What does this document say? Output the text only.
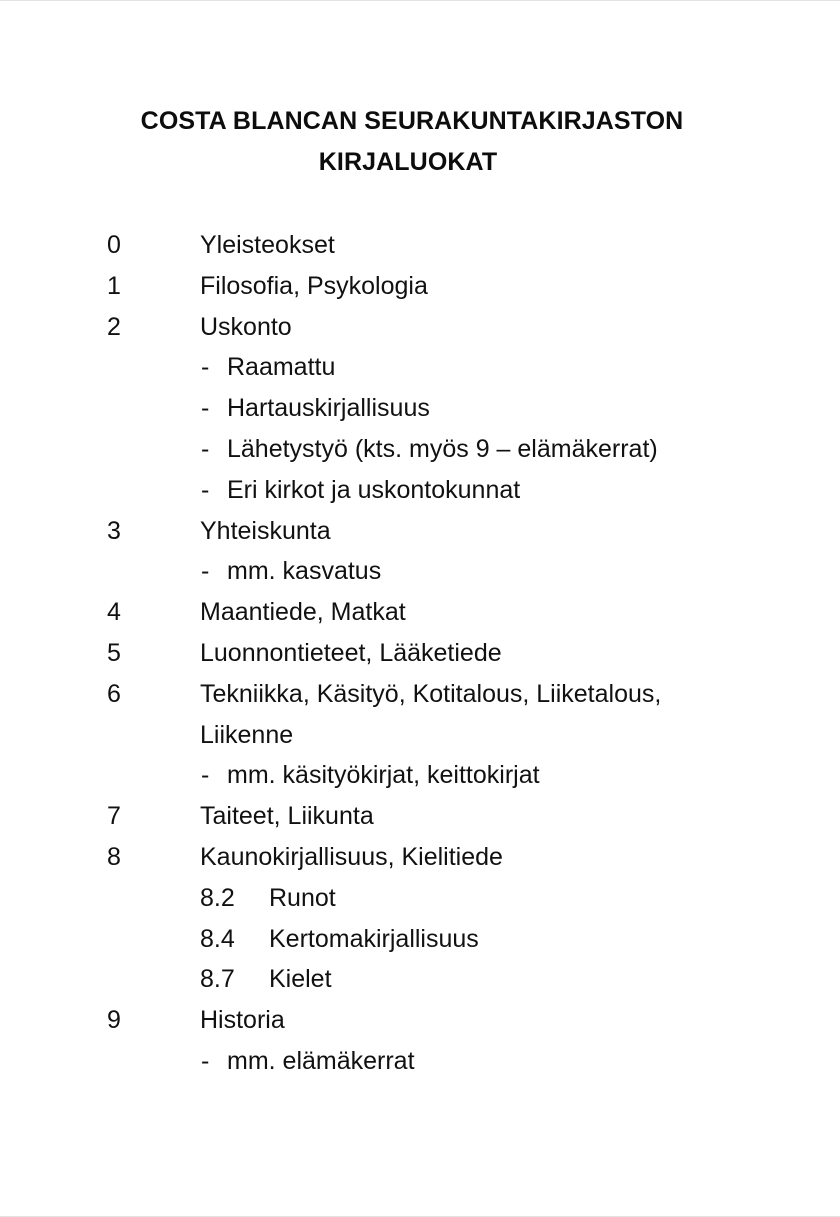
COSTA BLANCAN SEURAKUNTAKIRJASTON
KIRJALUOKAT
0	Yleisteokset
1	Filosofia, Psykologia
2	Uskonto
- Raamattu
- Hartauskirjallisuus
- Lähetystyö (kts. myös 9 – elämäkerrat)
- Eri kirkot ja uskontokunnat
3	Yhteiskunta
- mm. kasvatus
4	Maantiede, Matkat
5	Luonnontieteet, Lääketiede
6	Tekniikka, Käsityö, Kotitalous, Liiketalous,
Liikenne
- mm. käsityökirjat, keittokirjat
7	Taiteet, Liikunta
8	Kaunokirjallisuus, Kielitiede
8.2 Runot
8.4 Kertomakirjallisuus
8.7 Kielet
9	Historia
- mm. elämäkerrat
